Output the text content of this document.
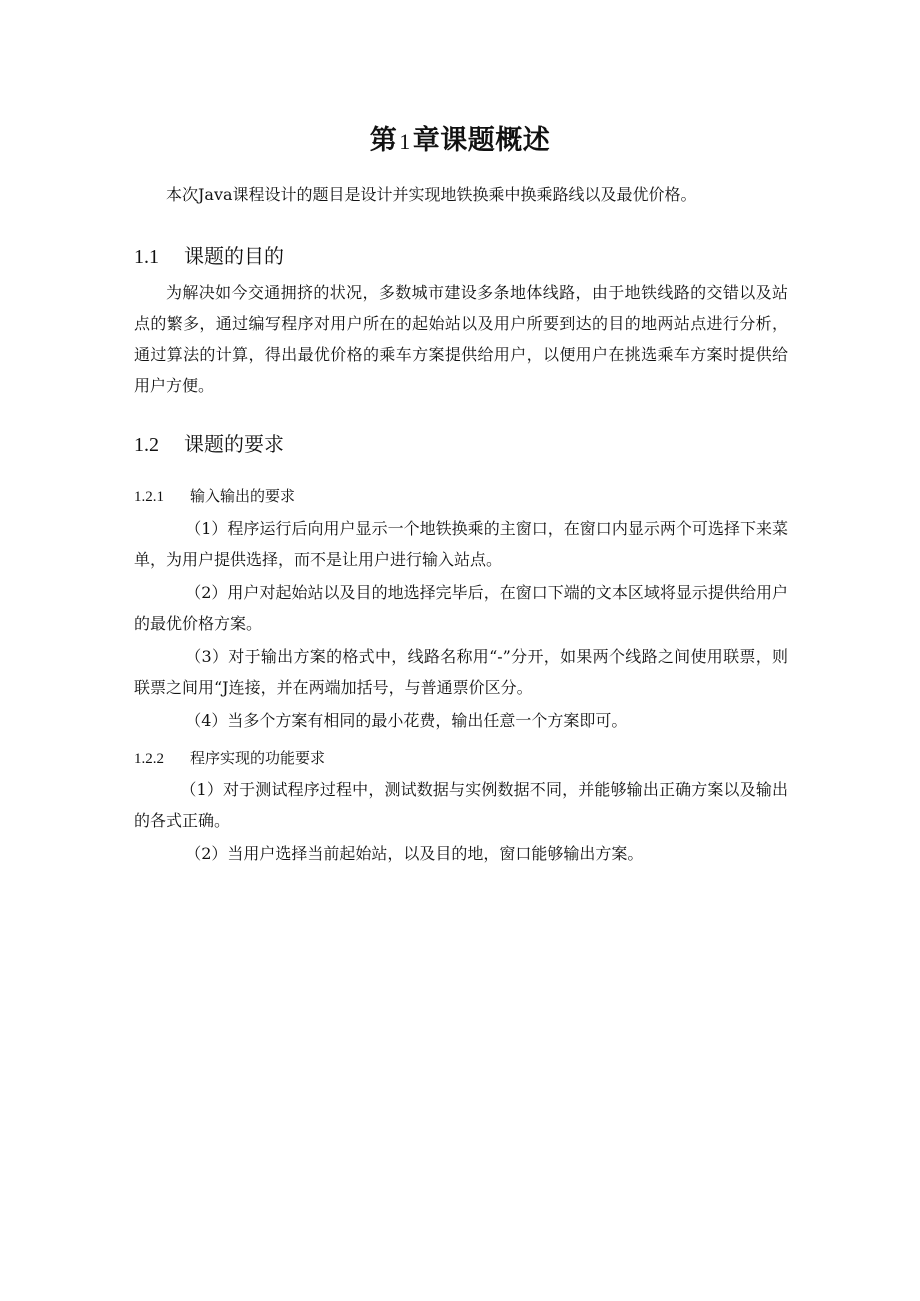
第1章课题概述

本次Java课程设计的题目是设计并实现地铁换乘中换乘路线以及最优价格。

1.1 课题的目的

为解决如今交通拥挤的状况，多数城市建设多条地体线路，由于地铁线路的交错以及站点的繁多，通过编写程序对用户所在的起始站以及用户所要到达的目的地两站点进行分析，通过算法的计算，得出最优价格的乘车方案提供给用户，以便用户在挑选乘车方案时提供给用户方便。

1.2 课题的要求
1.2.1 输入输出的要求

（1）程序运行后向用户显示一个地铁换乘的主窗口，在窗口内显示两个可选择下来菜单，为用户提供选择，而不是让用户进行输入站点。

（2）用户对起始站以及目的地选择完毕后，在窗口下端的文本区域将显示提供给用户的最优价格方案。

（3）对于输出方案的格式中，线路名称用“-”分开，如果两个线路之间使用联票，则联票之间用“J连接，并在两端加括号，与普通票价区分。

（4）当多个方案有相同的最小花费，输出任意一个方案即可。

1.2.2 程序实现的功能要求

（1）对于测试程序过程中，测试数据与实例数据不同，并能够输出正确方案以及输出的各式正确。

（2）当用户选择当前起始站，以及目的地，窗口能够输出方案。
